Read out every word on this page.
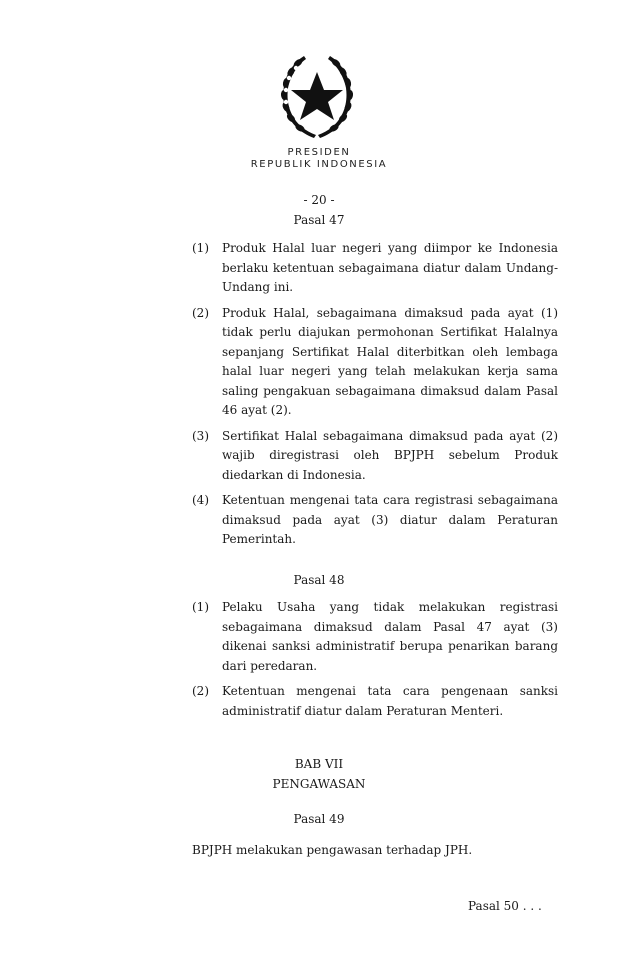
PRESIDEN
REPUBLIK INDONESIA
- 20 -
Pasal 47
(1) Produk Halal luar negeri yang diimpor ke Indonesia berlaku ketentuan sebagaimana diatur dalam Undang-Undang ini.
(2) Produk Halal, sebagaimana dimaksud pada ayat (1) tidak perlu diajukan permohonan Sertifikat Halalnya sepanjang Sertifikat Halal diterbitkan oleh lembaga halal luar negeri yang telah melakukan kerja sama saling pengakuan sebagaimana dimaksud dalam Pasal 46 ayat (2).
(3) Sertifikat Halal sebagaimana dimaksud pada ayat (2) wajib diregistrasi oleh BPJPH sebelum Produk diedarkan di Indonesia.
(4) Ketentuan mengenai tata cara registrasi sebagaimana dimaksud pada ayat (3) diatur dalam Peraturan Pemerintah.
Pasal 48
(1) Pelaku Usaha yang tidak melakukan registrasi sebagaimana dimaksud dalam Pasal 47 ayat (3) dikenai sanksi administratif berupa penarikan barang dari peredaran.
(2) Ketentuan mengenai tata cara pengenaan sanksi administratif diatur dalam Peraturan Menteri.
BAB VII
PENGAWASAN
Pasal 49
BPJPH melakukan pengawasan terhadap JPH.
Pasal 50 . . .
